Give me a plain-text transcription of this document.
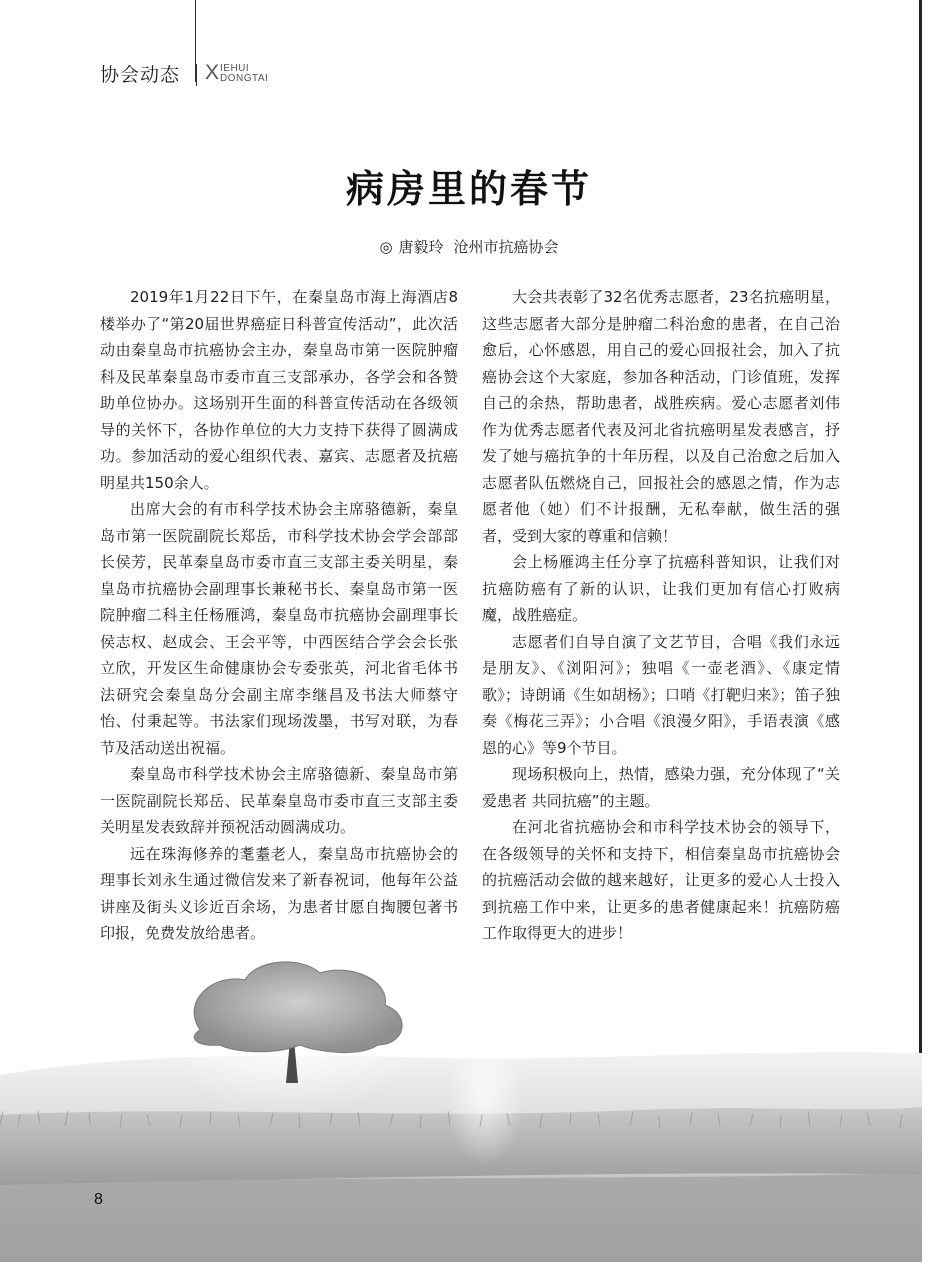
协会动态 X IEHUI
DONGTAI
病房里的春节
◎ 唐毅玲 沧州市抗癌协会

2019年1月22日下午，在秦皇岛市海上海酒店8楼举办了“第20届世界癌症日科普宣传活动”，此次活动由秦皇岛市抗癌协会主办，秦皇岛市第一医院肿瘤科及民革秦皇岛市委市直三支部承办，各学会和各赞助单位协办。这场别开生面的科普宣传活动在各级领导的关怀下，各协作单位的大力支持下获得了圆满成功。参加活动的爱心组织代表、嘉宾、志愿者及抗癌明星共150余人。

出席大会的有市科学技术协会主席骆德新，秦皇岛市第一医院副院长郑岳，市科学技术协会学会部部长侯芳，民革秦皇岛市委市直三支部主委关明星，秦皇岛市抗癌协会副理事长兼秘书长、秦皇岛市第一医院肿瘤二科主任杨雁鸿，秦皇岛市抗癌协会副理事长侯志权、赵成会、王会平等，中西医结合学会会长张立欣，开发区生命健康协会专委张英，河北省毛体书法研究会秦皇岛分会副主席李继昌及书法大师蔡守怡、付秉起等。书法家们现场泼墨，书写对联，为春节及活动送出祝福。

秦皇岛市科学技术协会主席骆德新、秦皇岛市第一医院副院长郑岳、民革秦皇岛市委市直三支部主委关明星发表致辞并预祝活动圆满成功。

远在珠海修养的耄耋老人，秦皇岛市抗癌协会的理事长刘永生通过微信发来了新春祝词，他每年公益讲座及街头义诊近百余场，为患者甘愿自掏腰包著书印报，免费发放给患者。

大会共表彰了32名优秀志愿者，23名抗癌明星，这些志愿者大部分是肿瘤二科治愈的患者，在自己治愈后，心怀感恩，用自己的爱心回报社会，加入了抗癌协会这个大家庭，参加各种活动，门诊值班，发挥自己的余热，帮助患者，战胜疾病。爱心志愿者刘伟作为优秀志愿者代表及河北省抗癌明星发表感言，抒发了她与癌抗争的十年历程，以及自己治愈之后加入志愿者队伍燃烧自己，回报社会的感恩之情，作为志愿者他（她）们不计报酬，无私奉献，做生活的强者，受到大家的尊重和信赖！

会上杨雁鸿主任分享了抗癌科普知识，让我们对抗癌防癌有了新的认识，让我们更加有信心打败病魔，战胜癌症。

志愿者们自导自演了文艺节目，合唱《我们永远是朋友》、《浏阳河》；独唱《一壶老酒》、《康定情歌》；诗朗诵《生如胡杨》；口哨《打靶归来》；笛子独奏《梅花三弄》；小合唱《浪漫夕阳》，手语表演《感恩的心》等9个节目。

现场积极向上，热情，感染力强，充分体现了“关爱患者 共同抗癌”的主题。

在河北省抗癌协会和市科学技术协会的领导下，在各级领导的关怀和支持下，相信秦皇岛市抗癌协会的抗癌活动会做的越来越好，让更多的爱心人士投入到抗癌工作中来，让更多的患者健康起来！抗癌防癌工作取得更大的进步！

8
